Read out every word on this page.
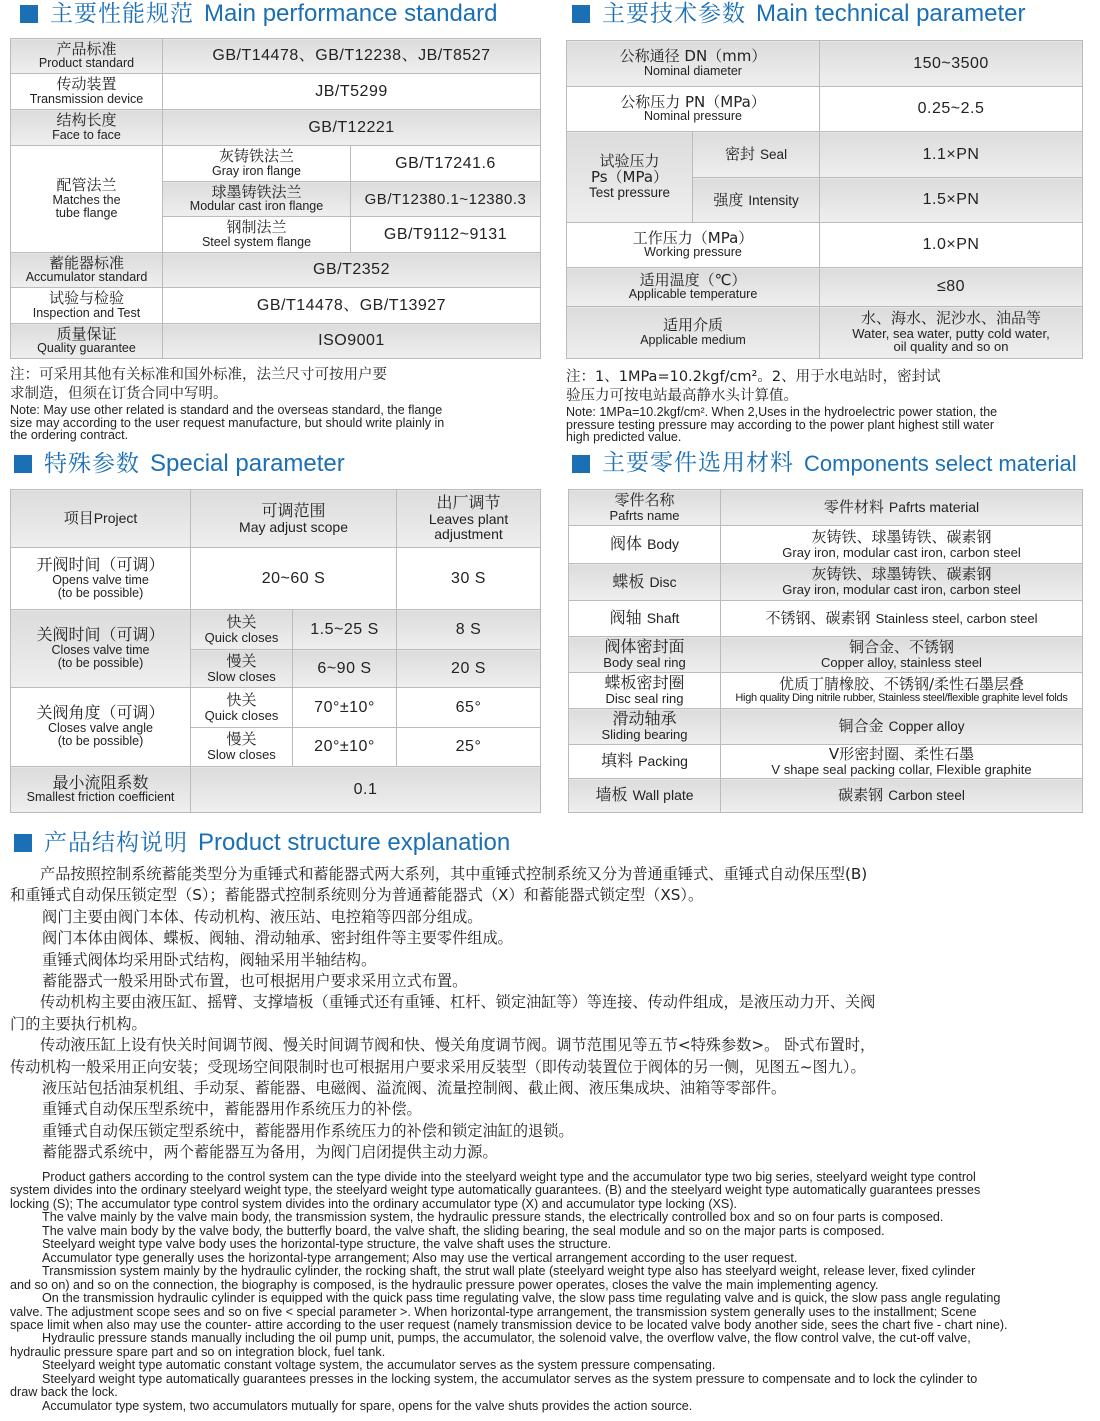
主要性能规范 Main performance standard	主要技术参数 Main technical parameter
产品标准
Product standard	GB/T14478、GB/T12238、JB/T8527	

传动装置
Transmission device	JB/T5299	

结构长度
Face to face	GB/T12221	

配管法兰
Matches the
tube flange	灰铸铁法兰
Gray iron flange	GB/T17241.6

	球墨铸铁法兰
Modular cast iron flange	GB/T12380.1~12380.3

	钢制法兰
Steel system flange	GB/T9112~9131

蓄能器标准
Accumulator standard	GB/T2352	

试验与检验
Inspection and Test	GB/T14478、GB/T13927	

质量保证
Quality guarantee	ISO9001	
注：可采用其他有关标准和国外标准，法兰尺寸可按用户要
求制造，但须在订货合同中写明。
Note: May use other related is standard and the overseas standard, the flange
size may according to the user request manufacture, but should write plainly in
the ordering contract.
公称通径 DN（mm）
Nominal diameter		150~3500

公称压力 PN（MPa）
Nominal pressure		0.25~2.5

试验压力
Ps（MPa）
Test pressure	密封 Seal	1.1×PN
	强度 Intensity	1.5×PN

工作压力（MPa）
Working pressure		1.0×PN

适用温度（℃）
Applicable temperature		≤80

适用介质
Applicable medium		水、海水、泥沙水、油品等
Water, sea water, putty cold water,
oil quality and so on
注：1、1MPa=10.2kgf/cm²。2、用于水电站时，密封试
验压力可按电站最高静水头计算值。
Note: 1MPa=10.2kgf/cm². When 2,Uses in the hydroelectric power station, the
pressure testing pressure may according to the power plant highest still water
high predicted value.
特殊参数 Special parameter	主要零件选用材料 Components select material
项目Project	可调范围
May adjust scope		出厂调节
Leaves plant
adjustment

开阀时间（可调）
Opens valve time
(to be possible)	20~60 S		30 S

关阀时间（可调）
Closes valve time
(to be possible)	快关
Quick closes	1.5~25 S	8 S

	慢关
Slow closes	6~90 S	20 S

关阀角度（可调）
Closes valve angle
(to be possible)	快关
Quick closes	70°±10°	65°

	慢关
Slow closes	20°±10°	25°

最小流阻系数
Smallest friction coefficient	0.1		
零件名称
Pafrts name	零件材料 Pafrts material
阀体 Body	灰铸铁、球墨铸铁、碳素钢
Gray iron, modular cast iron, carbon steel

蝶板 Disc	灰铸铁、球墨铸铁、碳素钢
Gray iron, modular cast iron, carbon steel

阀轴 Shaft	不锈钢、碳素钢 Stainless steel, carbon steel

阀体密封面
Body seal ring	铜合金、不锈钢
Copper alloy, stainless steel

蝶板密封圈
Disc seal ring	优质丁腈橡胶、不锈钢/柔性石墨层叠
High quality Ding nitrile rubber, Stainless steel/flexible graphite level folds

滑动轴承
Sliding bearing	铜合金 Copper alloy
填料 Packing	V形密封圈、柔性石墨
V shape seal packing collar, Flexible graphite

墙板 Wall plate	碳素钢 Carbon steel
产品结构说明 Product structure explanation

产品按照控制系统蓄能类型分为重锤式和蓄能器式两大系列，其中重锤式控制系统又分为普通重锤式、重锤式自动保压型(B)

和重锤式自动保压锁定型（S）；蓄能器式控制系统则分为普通蓄能器式（X）和蓄能器式锁定型（XS）。

阀门主要由阀门本体、传动机构、液压站、电控箱等四部分组成。

阀门本体由阀体、蝶板、阀轴、滑动轴承、密封组件等主要零件组成。

重锤式阀体均采用卧式结构，阀轴采用半轴结构。

蓄能器式一般采用卧式布置，也可根据用户要求采用立式布置。

传动机构主要由液压缸、摇臂、支撑墙板（重锤式还有重锤、杠杆、锁定油缸等）等连接、传动件组成，是液压动力开、关阀

门的主要执行机构。

传动液压缸上设有快关时间调节阀、慢关时间调节阀和快、慢关角度调节阀。调节范围见等五节<特殊参数>。 卧式布置时，

传动机构一般采用正向安装；受现场空间限制时也可根据用户要求采用反装型（即传动装置位于阀体的另一侧，见图五~图九）。

液压站包括油泵机组、手动泵、蓄能器、电磁阀、溢流阀、流量控制阀、截止阀、液压集成块、油箱等零部件。

重锤式自动保压型系统中，蓄能器用作系统压力的补偿。

重锤式自动保压锁定型系统中，蓄能器用作系统压力的补偿和锁定油缸的退锁。

蓄能器式系统中，两个蓄能器互为备用，为阀门启闭提供主动力源。

Product gathers according to the control system can the type divide into the steelyard weight type and the accumulator type two big series, steelyard weight type control

system divides into the ordinary steelyard weight type, the steelyard weight type automatically guarantees. (B) and the steelyard weight type automatically guarantees presses

locking (S); The accumulator type control system divides into the ordinary accumulator type (X) and accumulator type locking (XS).

The valve mainly by the valve main body, the transmission system, the hydraulic pressure stands, the electrically controlled box and so on four parts is composed.

The valve main body by the valve body, the butterfly board, the valve shaft, the sliding bearing, the seal module and so on the major parts is composed.

Steelyard weight type valve body uses the horizontal-type structure, the valve shaft uses the structure.

Accumulator type generally uses the horizontal-type arrangement; Also may use the vertical arrangement according to the user request.

Transmission system mainly by the hydraulic cylinder, the rocking shaft, the strut wall plate (steelyard weight type also has steelyard weight, release lever, fixed cylinder

and so on) and so on the connection, the biography is composed, is the hydraulic pressure power operates, closes the valve the main implementing agency.

On the transmission hydraulic cylinder is equipped with the quick pass time regulating valve, the slow pass time regulating valve and is quick, the slow pass angle regulating

valve. The adjustment scope sees and so on five < special parameter >. When horizontal-type arrangement, the transmission system generally uses to the installment; Scene

space limit when also may use the counter- attire according to the user request (namely transmission device to be located valve body another side, sees the chart five - chart nine).

Hydraulic pressure stands manually including the oil pump unit, pumps, the accumulator, the solenoid valve, the overflow valve, the flow control valve, the cut-off valve,

hydraulic pressure spare part and so on integration block, fuel tank.

Steelyard weight type automatic constant voltage system, the accumulator serves as the system pressure compensating.

Steelyard weight type automatically guarantees presses in the locking system, the accumulator serves as the system pressure to compensate and to lock the cylinder to

draw back the lock.

Accumulator type system, two accumulators mutually for spare, opens for the valve shuts provides the action source.
